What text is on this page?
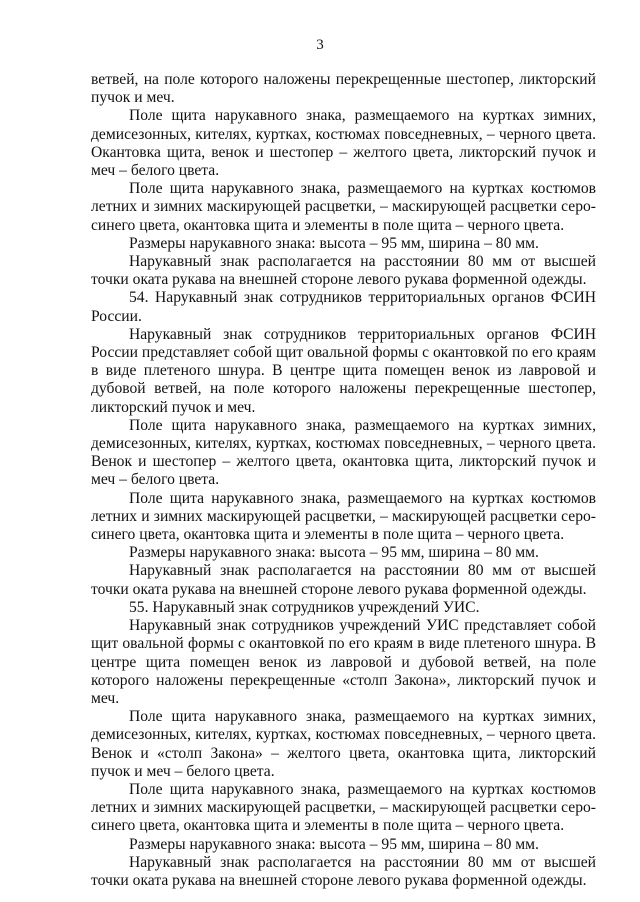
3

ветвей, на поле которого наложены перекрещенные шестопер, ликторский пучок и меч.

Поле щита нарукавного знака, размещаемого на куртках зимних, демисезонных, кителях, куртках, костюмах повседневных, – черного цвета. Окантовка щита, венок и шестопер – желтого цвета, ликторский пучок и меч – белого цвета.

Поле щита нарукавного знака, размещаемого на куртках костюмов летних и зимних маскирующей расцветки, – маскирующей расцветки серо-синего цвета, окантовка щита и элементы в поле щита – черного цвета.

Размеры нарукавного знака: высота – 95 мм, ширина – 80 мм.

Нарукавный знак располагается на расстоянии 80 мм от высшей точки оката рукава на внешней стороне левого рукава форменной одежды.

54. Нарукавный знак сотрудников территориальных органов ФСИН России.

Нарукавный знак сотрудников территориальных органов ФСИН России представляет собой щит овальной формы с окантовкой по его краям в виде плетеного шнура. В центре щита помещен венок из лавровой и дубовой ветвей, на поле которого наложены перекрещенные шестопер, ликторский пучок и меч.

Поле щита нарукавного знака, размещаемого на куртках зимних, демисезонных, кителях, куртках, костюмах повседневных, – черного цвета. Венок и шестопер – желтого цвета, окантовка щита, ликторский пучок и меч – белого цвета.

Поле щита нарукавного знака, размещаемого на куртках костюмов летних и зимних маскирующей расцветки, – маскирующей расцветки серо-синего цвета, окантовка щита и элементы в поле щита – черного цвета.

Размеры нарукавного знака: высота – 95 мм, ширина – 80 мм.

Нарукавный знак располагается на расстоянии 80 мм от высшей точки оката рукава на внешней стороне левого рукава форменной одежды.

55. Нарукавный знак сотрудников учреждений УИС.

Нарукавный знак сотрудников учреждений УИС представляет собой щит овальной формы с окантовкой по его краям в виде плетеного шнура. В центре щита помещен венок из лавровой и дубовой ветвей, на поле которого наложены перекрещенные «столп Закона», ликторский пучок и меч.

Поле щита нарукавного знака, размещаемого на куртках зимних, демисезонных, кителях, куртках, костюмах повседневных, – черного цвета. Венок и «столп Закона» – желтого цвета, окантовка щита, ликторский пучок и меч – белого цвета.

Поле щита нарукавного знака, размещаемого на куртках костюмов летних и зимних маскирующей расцветки, – маскирующей расцветки серо-синего цвета, окантовка щита и элементы в поле щита – черного цвета.

Размеры нарукавного знака: высота – 95 мм, ширина – 80 мм.

Нарукавный знак располагается на расстоянии 80 мм от высшей точки оката рукава на внешней стороне левого рукава форменной одежды.
